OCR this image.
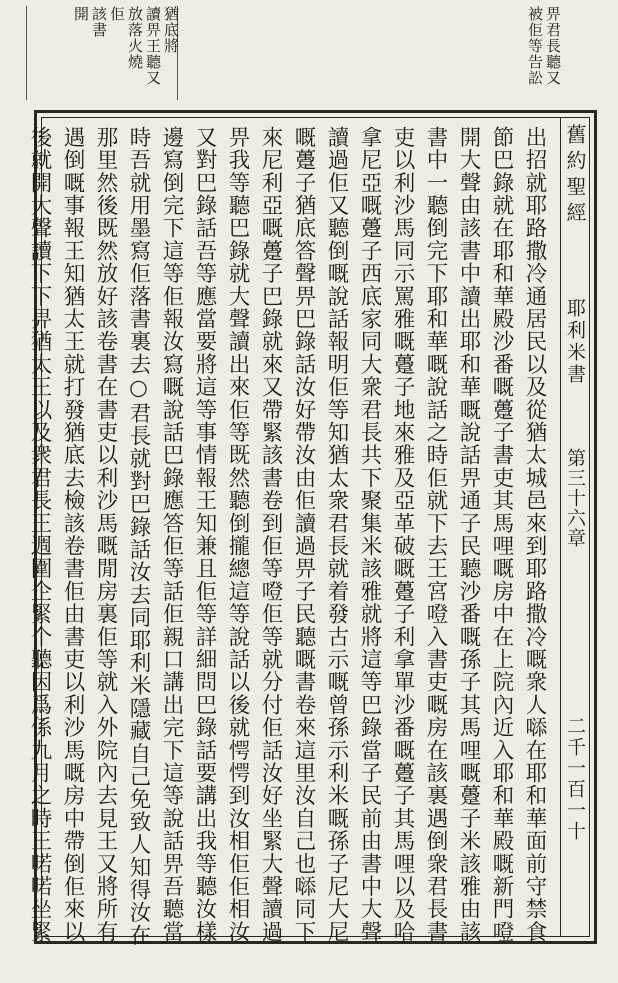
猶底將
讀畀王聽又
放落火燒
佢
該書
開	畀君長聽又
被佢等告訟
舊約聖經
耶利米書
第三十六章
二千一百一十
出招就耶路撒冷通居民以及從猶太城邑來到耶路撒冷嘅衆人𠻹在耶和華面前守禁食
節巴錄就在耶和華殿沙番嘅躉子書吏其馬哩嘅房中在上院內近入耶和華殿嘅新門噔
開大聲由該書中讀出耶和華嘅說話畀通子民聽沙番嘅孫子其馬哩嘅躉子米該雅由該
書中一聽倒完下耶和華嘅說話之時佢就下去王宮噔入書吏嘅房在該裏遇倒衆君長書
吏以利沙馬同示罵雅嘅躉子地來雅及亞革破嘅躉子利拿單沙番嘅躉子其馬哩以及哈
拿尼亞嘅躉子西底家同大衆君長共下聚集米該雅就將這等巴錄當子民前由書中大聲
讀過佢又聽倒嘅說話報明佢等知猶太衆君長就着發古示嘅曾孫示利米嘅孫子尼大尼
嘅躉子猶底答聲畀巴錄話汝好帶汝由佢讀過畀子民聽嘅書卷來這里汝自己也𠻹同下
來尼利亞嘅躉子巴錄就來又帶緊該書卷到佢等噔佢等就分付佢話汝好坐緊大聲讀過
畀我等聽巴錄就大聲讀出來佢等既然聽倒攏總這等說話以後就愕愕到汝相佢佢相汝
又對巴錄話吾等應當要將這等事情報王知兼且佢等詳細問巴錄話要講出我等聽汝樣
邊寫倒完下這等佢報汝寫嘅說話巴錄應答佢等話佢親口講出完下這等說話畀吾聽當
時吾就用墨寫佢落書裏去○君長就對巴錄話汝去同耶利米隱藏自己免致人知得汝在
那里然後既然放好該卷書在書吏以利沙馬嘅閒房裏佢等就入外院內去見王又將所有
遇倒嘅事報王知猶太王就打發猶底去檢該卷書佢由書吏以利沙馬嘅房中帶倒佢來以
後就開大聲讀下下畀猶太王以及衆君長王週圍企緊个聽因爲係九月之時王喏喏坐緊
